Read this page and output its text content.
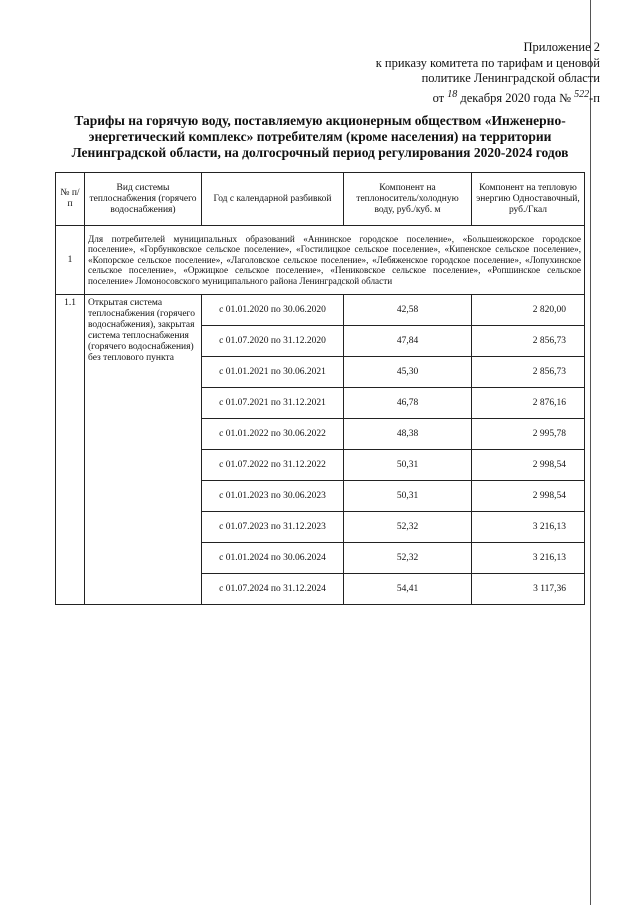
Приложение 2
к приказу комитета по тарифам и ценовой
политике Ленинградской области
от $^{18}$ декабря 2020 года № $^{522}$-п
Тарифы на горячую воду, поставляемую акционерным обществом «Инженерно-энергетический комплекс» потребителям (кроме населения) на территории Ленинградской области, на долгосрочный период регулирования 2020-2024 годов
№ п/п	Вид системы теплоснабжения (горячего водоснабжения)	Год с календарной разбивкой	Компонент на теплоноситель/холодную воду, руб./куб. м	Компонент на тепловую энергию Одноставочный, руб./Гкал
1	Для потребителей муниципальных образований «Аннинское городское поселение», «Большеижорское городское поселение», «Горбунковское сельское поселение», «Гостилицкое сельское поселение», «Кипенское сельское поселение», «Копорское сельское поселение», «Лаголовское сельское поселение», «Лебяженское городское поселение», «Лопухинское сельское поселение», «Оржицкое сельское поселение», «Пениковское сельское поселение», «Ропшинское сельское поселение» Ломоносовского муниципального района Ленинградской области			
1.1	Открытая система теплоснабжения (горячего водоснабжения), закрытая система теплоснабжения (горячего водоснабжения) без теплового пункта	с 01.01.2020 по 30.06.2020	42,58	2 820,00
		с 01.07.2020 по 31.12.2020	47,84	2 856,73
		с 01.01.2021 по 30.06.2021	45,30	2 856,73
		с 01.07.2021 по 31.12.2021	46,78	2 876,16
		с 01.01.2022 по 30.06.2022	48,38	2 995,78
		с 01.07.2022 по 31.12.2022	50,31	2 998,54
		с 01.01.2023 по 30.06.2023	50,31	2 998,54
		с 01.07.2023 по 31.12.2023	52,32	3 216,13
		с 01.01.2024 по 30.06.2024	52,32	3 216,13
		с 01.07.2024 по 31.12.2024	54,41	3 117,36
